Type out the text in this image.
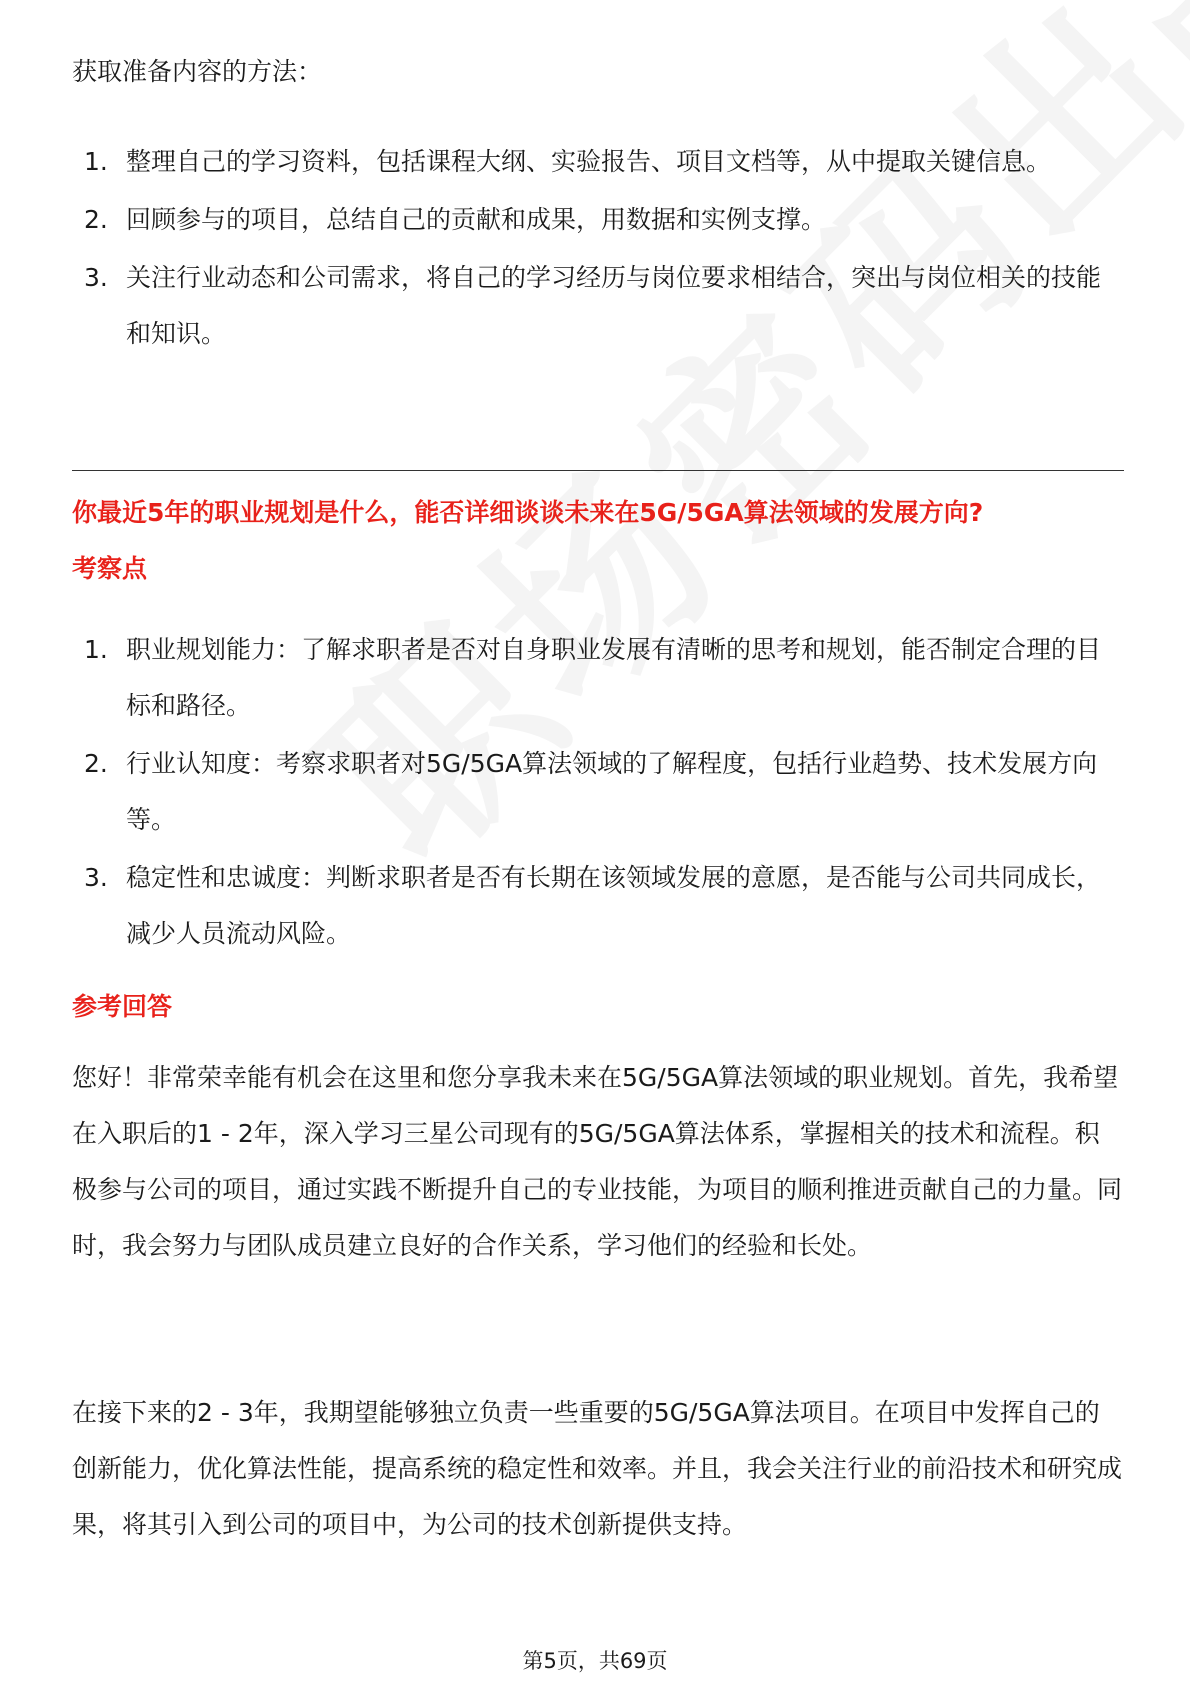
获取准备内容的方法：
1. 整理自己的学习资料，包括课程大纲、实验报告、项目文档等，从中提取关键信息。
2. 回顾参与的项目，总结自己的贡献和成果，用数据和实例支撑。
3. 关注行业动态和公司需求，将自己的学习经历与岗位要求相结合，突出与岗位相关的技能和知识。
你最近5年的职业规划是什么，能否详细谈谈未来在5G/5GA算法领域的发展方向?
考察点
1. 职业规划能力：了解求职者是否对自身职业发展有清晰的思考和规划，能否制定合理的目标和路径。
2. 行业认知度：考察求职者对5G/5GA算法领域的了解程度，包括行业趋势、技术发展方向等。
3. 稳定性和忠诚度：判断求职者是否有长期在该领域发展的意愿，是否能与公司共同成长，减少人员流动风险。
参考回答

您好！非常荣幸能有机会在这里和您分享我未来在5G/5GA算法领域的职业规划。首先，我希望在入职后的1 - 2年，深入学习三星公司现有的5G/5GA算法体系，掌握相关的技术和流程。积极参与公司的项目，通过实践不断提升自己的专业技能，为项目的顺利推进贡献自己的力量。同时，我会努力与团队成员建立良好的合作关系，学习他们的经验和长处。

在接下来的2 - 3年，我期望能够独立负责一些重要的5G/5GA算法项目。在项目中发挥自己的创新能力，优化算法性能，提高系统的稳定性和效率。并且，我会关注行业的前沿技术和研究成果，将其引入到公司的项目中，为公司的技术创新提供支持。

第5页，共69页
